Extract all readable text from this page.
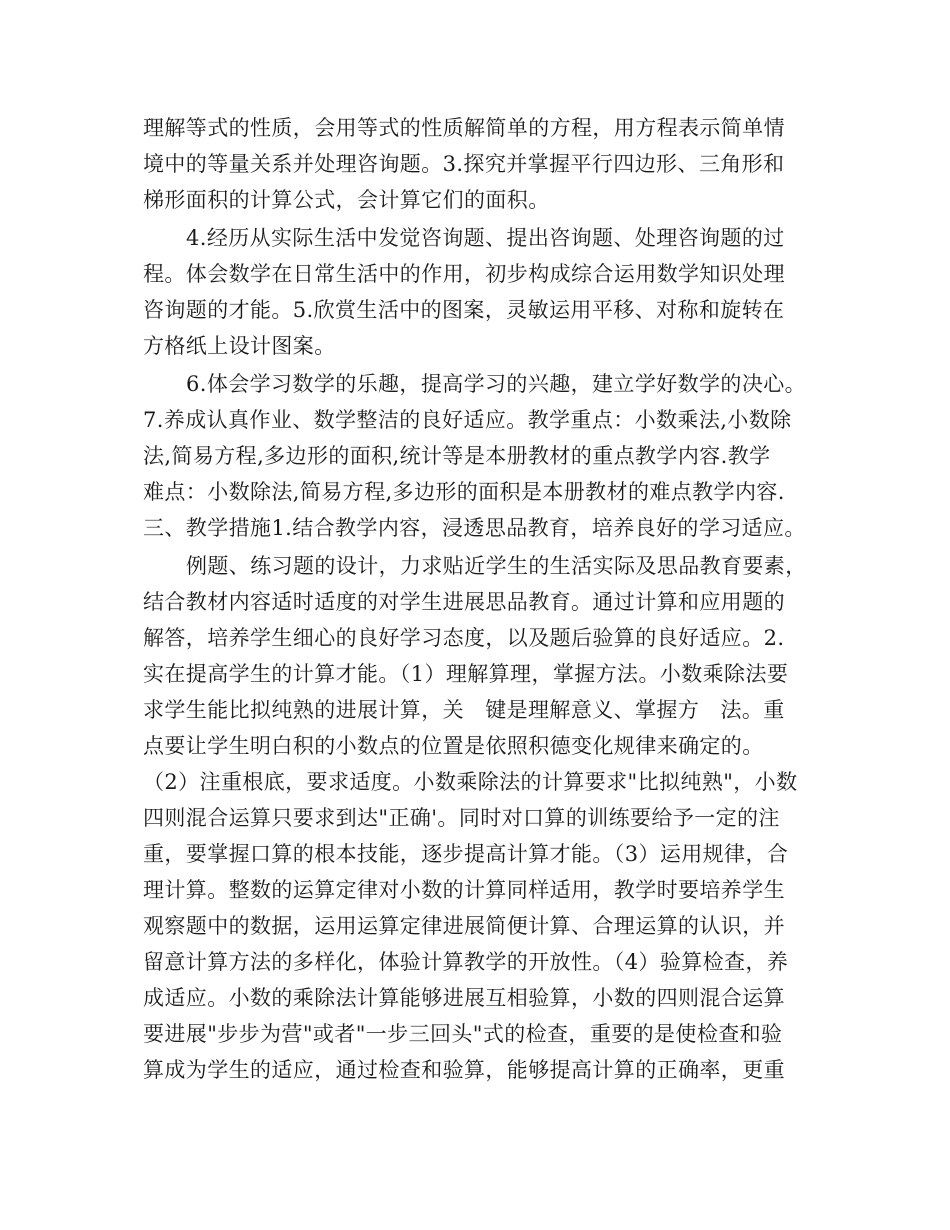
理解等式的性质，会用等式的性质解简单的方程，用方程表示简单情
境中的等量关系并处理咨询题。3.探究并掌握平行四边形、三角形和
梯形面积的计算公式，会计算它们的面积。
4.经历从实际生活中发觉咨询题、提出咨询题、处理咨询题的过
程。体会数学在日常生活中的作用，初步构成综合运用数学知识处理
咨询题的才能。5.欣赏生活中的图案，灵敏运用平移、对称和旋转在
方格纸上设计图案。
6.体会学习数学的乐趣，提高学习的兴趣，建立学好数学的决心。
7.养成认真作业、数学整洁的良好适应。教学重点：小数乘法,小数除
法,简易方程,多边形的面积,统计等是本册教材的重点教学内容.教学
难点：小数除法,简易方程,多边形的面积是本册教材的难点教学内容.
三、教学措施1.结合教学内容，浸透思品教育，培养良好的学习适应。
例题、练习题的设计，力求贴近学生的生活实际及思品教育要素，
结合教材内容适时适度的对学生进展思品教育。通过计算和应用题的
解答，培养学生细心的良好学习态度，以及题后验算的良好适应。2.
实在提高学生的计算才能。（1）理解算理，掌握方法。小数乘除法要
求学生能比拟纯熟的进展计算，关   键是理解意义、掌握方   法。重
点要让学生明白积的小数点的位置是依照积德变化规律来确定的。
（2）注重根底，要求适度。小数乘除法的计算要求"比拟纯熟"，小数
四则混合运算只要求到达"正确'。同时对口算的训练要给予一定的注
重，要掌握口算的根本技能，逐步提高计算才能。（3）运用规律，合
理计算。整数的运算定律对小数的计算同样适用，教学时要培养学生
观察题中的数据，运用运算定律进展简便计算、合理运算的认识，并
留意计算方法的多样化，体验计算教学的开放性。（4）验算检查，养
成适应。小数的乘除法计算能够进展互相验算，小数的四则混合运算
要进展"步步为营"或者"一步三回头"式的检查，重要的是使检查和验
算成为学生的适应，通过检查和验算，能够提高计算的正确率，更重
